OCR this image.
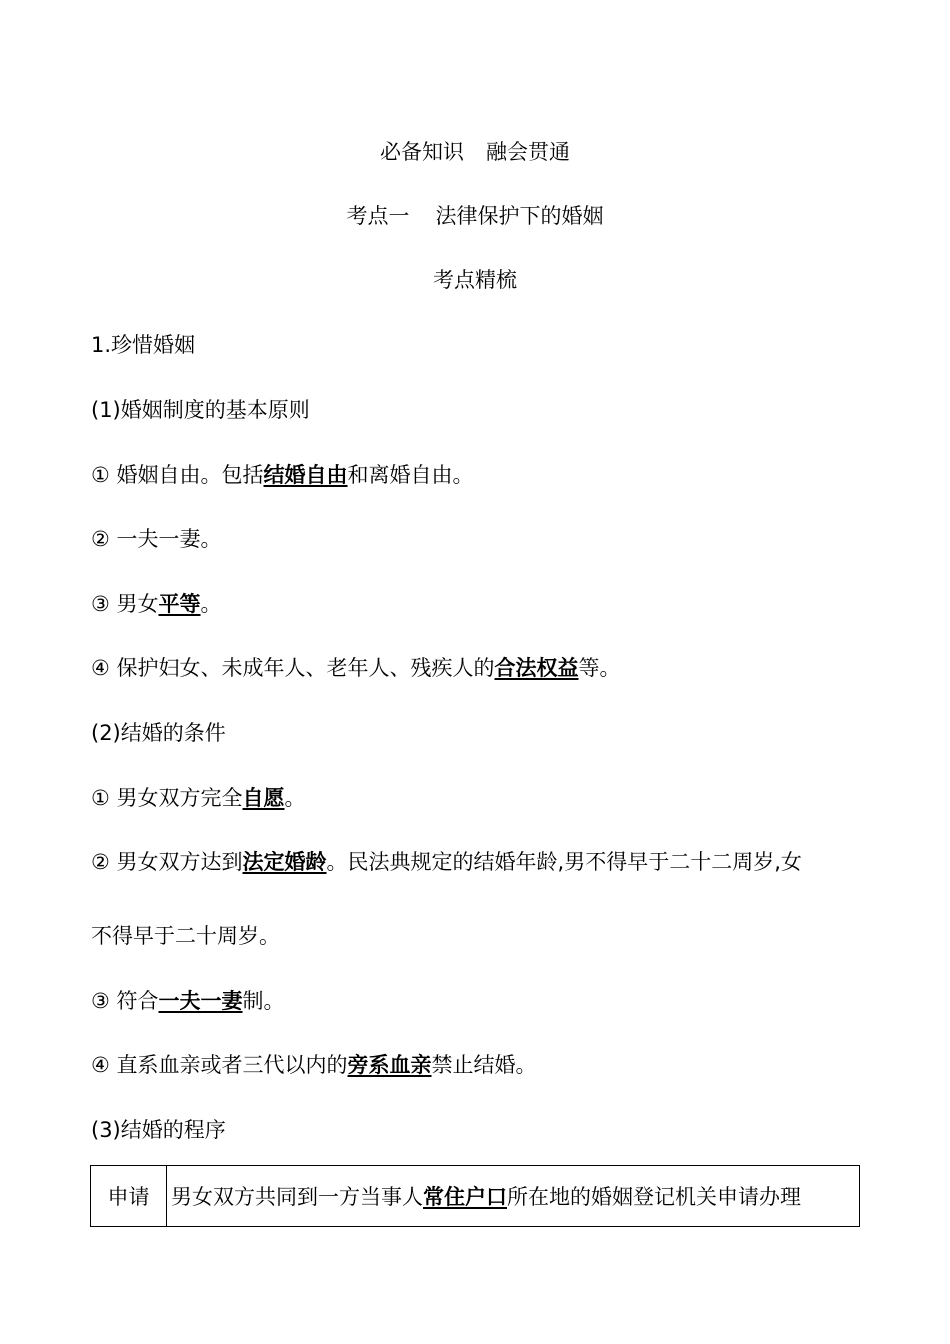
必备知识 融会贯通
考点一 法律保护下的婚姻
考点精梳
1.珍惜婚姻
(1)婚姻制度的基本原则
① 婚姻自由。包括结婚自由和离婚自由。
② 一夫一妻。
③ 男女平等。
④ 保护妇女、未成年人、老年人、残疾人的合法权益等。
(2)结婚的条件
① 男女双方完全自愿。
② 男女双方达到法定婚龄。民法典规定的结婚年龄,男不得早于二十二周岁,女
不得早于二十周岁。
③ 符合一夫一妻制。
④ 直系血亲或者三代以内的旁系血亲禁止结婚。
(3)结婚的程序
申请	男女双方共同到一方当事人常住户口所在地的婚姻登记机关申请办理
